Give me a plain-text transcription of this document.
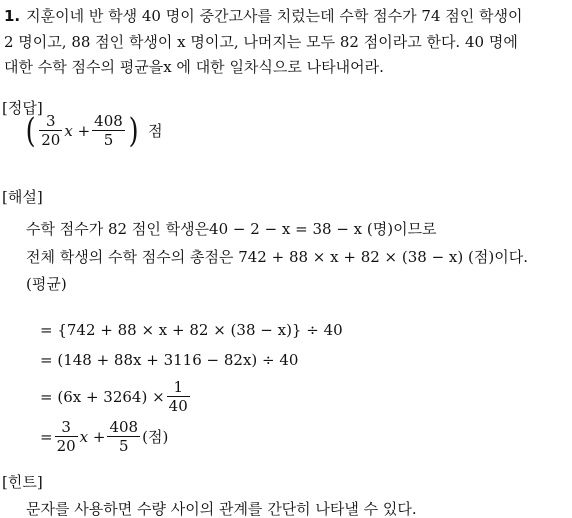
1. 지훈이네 반 학생 40 명이 중간고사를 치렀는데 수학 점수가 74 점인 학생이
2 명이고, 88 점인 학생이 x 명이고, 나머지는 모두 82 점이라고 한다. 40 명에
대한 수학 점수의 평균을x 에 대한 일차식으로 나타내어라.
[정답]
( $\frac{3}{20}$ $x + \frac{408}{5}$ ) 점
[해설]
수학 점수가 82 점인 학생은40 − 2 − x = 38 − x (명)이므로
전체 학생의 수학 점수의 총점은 742 + 88 × x + 82 × (38 − x) (점)이다.
(평균)
= {742 + 88 × x + 82 × (38 − x)} ÷ 40
= (148 + 88x + 3116 − 82x) ÷ 40
= $(6x + 3264) \times \frac{1}{40}$
= $\frac{3}{20}$ $x + \frac{408}{5}$ (점)
[힌트]
문자를 사용하면 수량 사이의 관계를 간단히 나타낼 수 있다.
